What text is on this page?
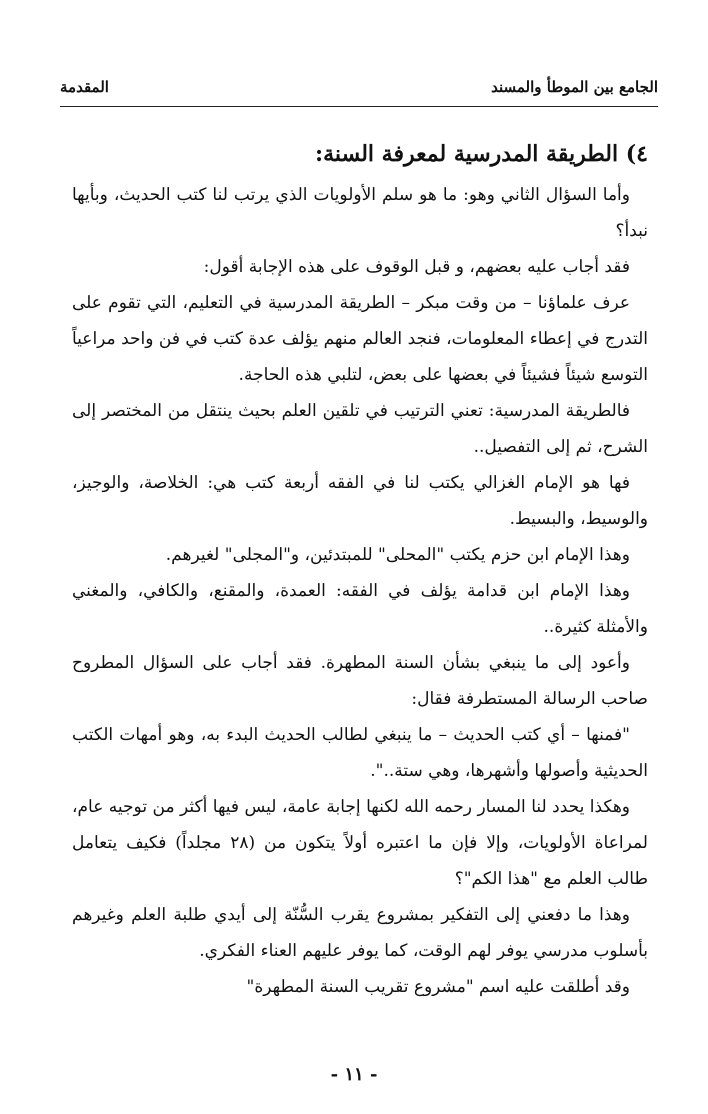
الجامع بين الموطأ والمسند
المقدمة
٤) الطريقة المدرسية لمعرفة السنة:

وأما السؤال الثاني وهو: ما هو سلم الأولويات الذي يرتب لنا كتب الحديث، وبأيها نبدأ؟

فقد أجاب عليه بعضهم، و قبل الوقوف على هذه الإجابة أقول:

عرف علماؤنا – من وقت مبكر – الطريقة المدرسية في التعليم، التي تقوم على التدرج في إعطاء المعلومات، فنجد العالم منهم يؤلف عدة كتب في فن واحد مراعياً التوسع شيئاً فشيئاً في بعضها على بعض، لتلبي هذه الحاجة.

فالطريقة المدرسية: تعني الترتيب في تلقين العلم بحيث ينتقل من المختصر إلى الشرح، ثم إلى التفصيل..

فها هو الإمام الغزالي يكتب لنا في الفقه أربعة كتب هي: الخلاصة، والوجيز، والوسيط، والبسيط.

وهذا الإمام ابن حزم يكتب "المحلى" للمبتدئين، و"المجلى" لغيرهم.

وهذا الإمام ابن قدامة يؤلف في الفقه: العمدة، والمقنع، والكافي، والمغني والأمثلة كثيرة..

وأعود إلى ما ينبغي بشأن السنة المطهرة. فقد أجاب على السؤال المطروح صاحب الرسالة المستطرفة فقال:

"فمنها – أي كتب الحديث – ما ينبغي لطالب الحديث البدء به، وهو أمهات الكتب الحديثية وأصولها وأشهرها، وهي ستة..".

وهكذا يحدد لنا المسار رحمه الله لكنها إجابة عامة، ليس فيها أكثر من توجيه عام، لمراعاة الأولويات، وإلا فإن ما اعتبره أولاً يتكون من (٢٨ مجلداً) فكيف يتعامل طالب العلم مع "هذا الكم"؟

وهذا ما دفعني إلى التفكير بمشروع يقرب السُّنّة إلى أيدي طلبة العلم وغيرهم بأسلوب مدرسي يوفر لهم الوقت، كما يوفر عليهم العناء الفكري.

وقد أطلقت عليه اسم "مشروع تقريب السنة المطهرة"

- ١١ -
